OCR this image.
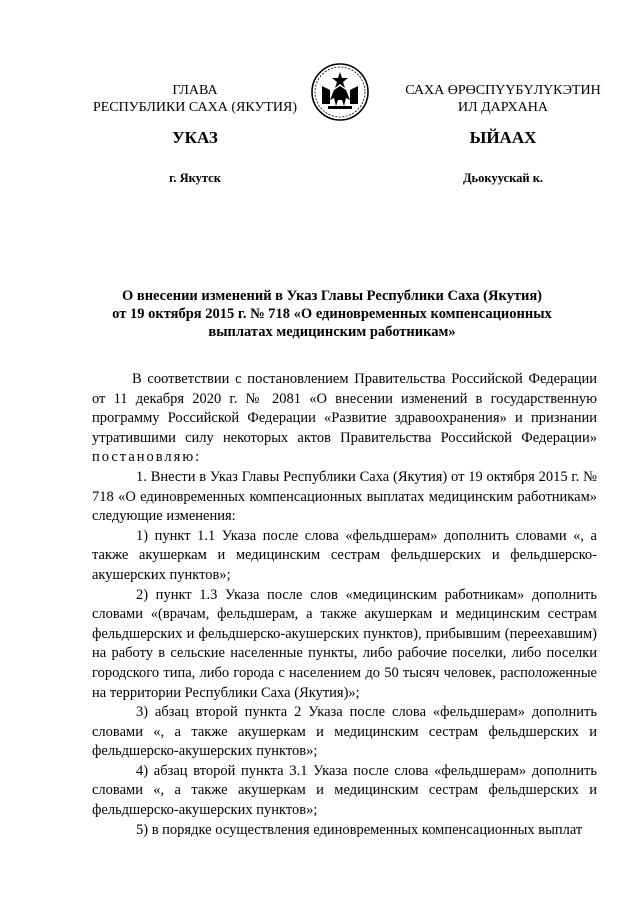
ГЛАВА
РЕСПУБЛИКИ САХА (ЯКУТИЯ)
САХА ӨРӨСПҮҮБҮЛҮКЭТИН
ИЛ ДАРХАНА
УКАЗ	ЫЙААХ
г. Якутск	Дьокуускай к.
О внесении изменений в Указ Главы Республики Саха (Якутия)
от 19 октября 2015 г. № 718 «О единовременных компенсационных
выплатах медицинским работникам»

В соответствии с постановлением Правительства Российской Федерации от 11 декабря 2020 г. № 2081 «О внесении изменений в государственную программу Российской Федерации «Развитие здравоохранения» и признании утратившими силу некоторых актов Правительства Российской Федерации» постановляю:

1. Внести в Указ Главы Республики Саха (Якутия) от 19 октября 2015 г. № 718 «О единовременных компенсационных выплатах медицинским работникам» следующие изменения:

1) пункт 1.1 Указа после слова «фельдшерам» дополнить словами «, а также акушеркам и медицинским сестрам фельдшерских и фельдшерско-акушерских пунктов»;

2) пункт 1.3 Указа после слов «медицинским работникам» дополнить словами «(врачам, фельдшерам, а также акушеркам и медицинским сестрам фельдшерских и фельдшерско-акушерских пунктов), прибывшим (переехавшим) на работу в сельские населенные пункты, либо рабочие поселки, либо поселки городского типа, либо города с населением до 50 тысяч человек, расположенные на территории Республики Саха (Якутия)»;

3) абзац второй пункта 2 Указа после слова «фельдшерам» дополнить словами «, а также акушеркам и медицинским сестрам фельдшерских и фельдшерско-акушерских пунктов»;

4) абзац второй пункта 3.1 Указа после слова «фельдшерам» дополнить словами «, а также акушеркам и медицинским сестрам фельдшерских и фельдшерско-акушерских пунктов»;

5) в порядке осуществления единовременных компенсационных выплат
